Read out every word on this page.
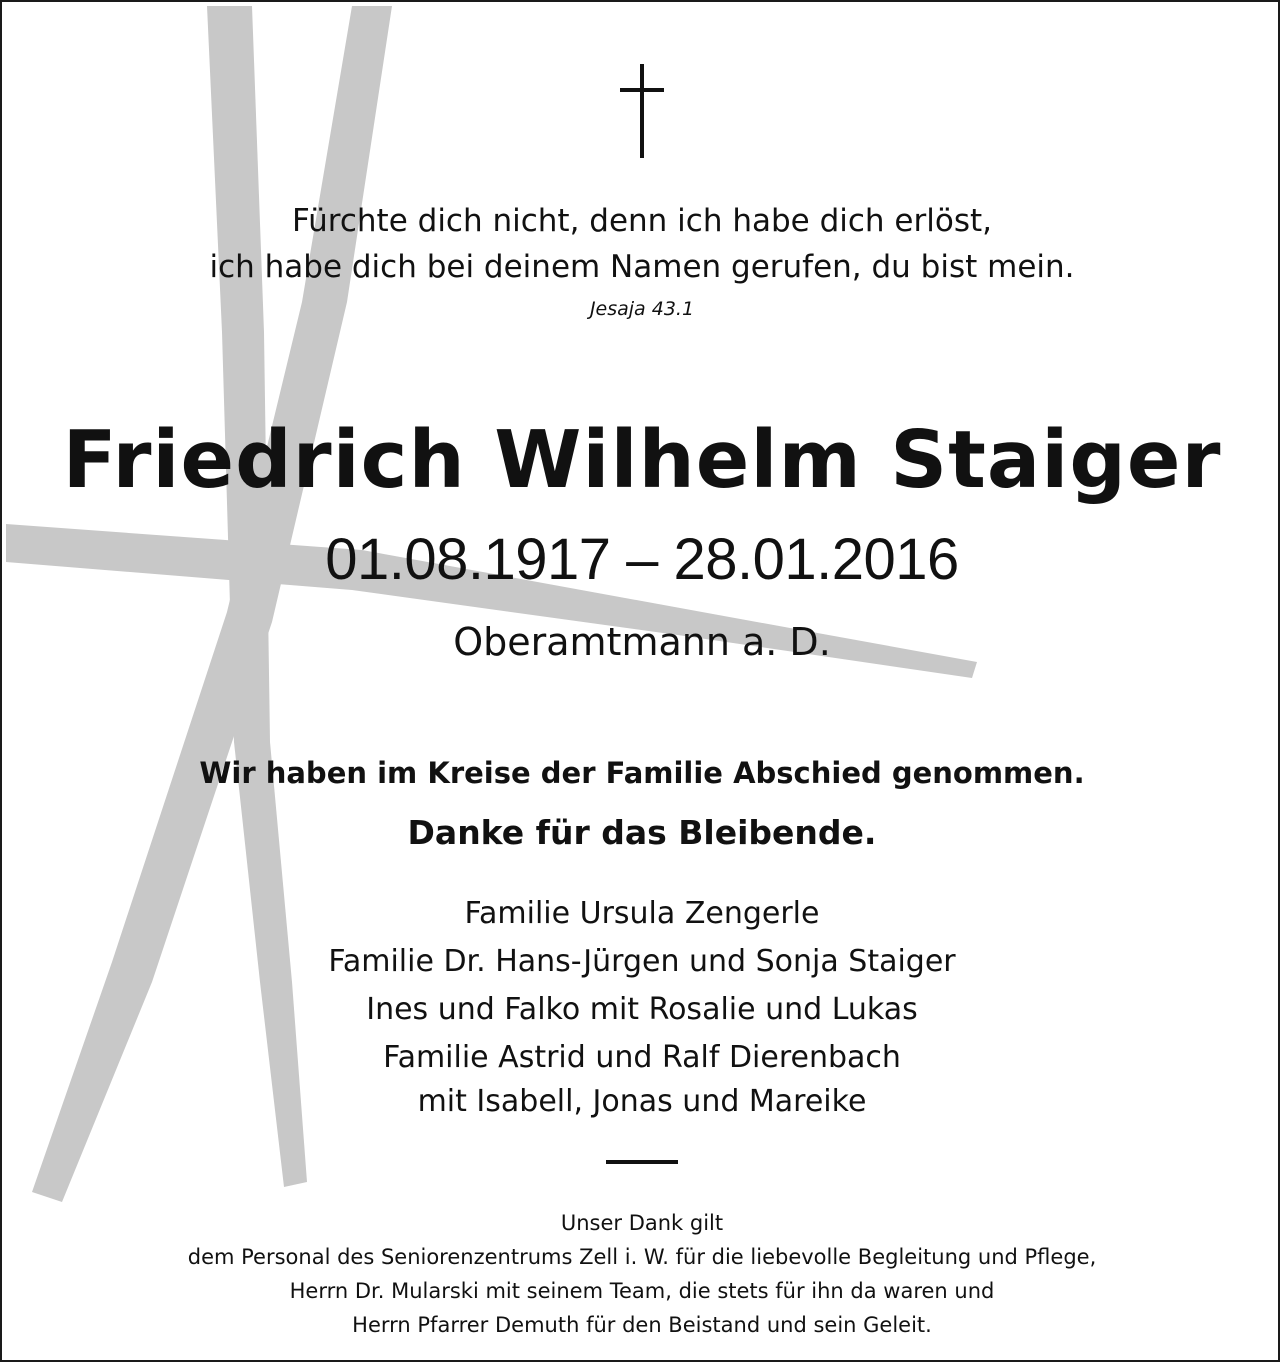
Fürchte dich nicht, denn ich habe dich erlöst,
ich habe dich bei deinem Namen gerufen, du bist mein.
Jesaja 43.1
Friedrich Wilhelm Staiger
01.08.1917 – 28.01.2016
Oberamtmann a. D.
Wir haben im Kreise der Familie Abschied genommen.
Danke für das Bleibende.
Familie Ursula Zengerle
Familie Dr. Hans-Jürgen und Sonja Staiger
Ines und Falko mit Rosalie und Lukas
Familie Astrid und Ralf Dierenbach
mit Isabell, Jonas und Mareike
Unser Dank gilt
dem Personal des Seniorenzentrums Zell i. W. für die liebevolle Begleitung und Pflege,
Herrn Dr. Mularski mit seinem Team, die stets für ihn da waren und
Herrn Pfarrer Demuth für den Beistand und sein Geleit.
